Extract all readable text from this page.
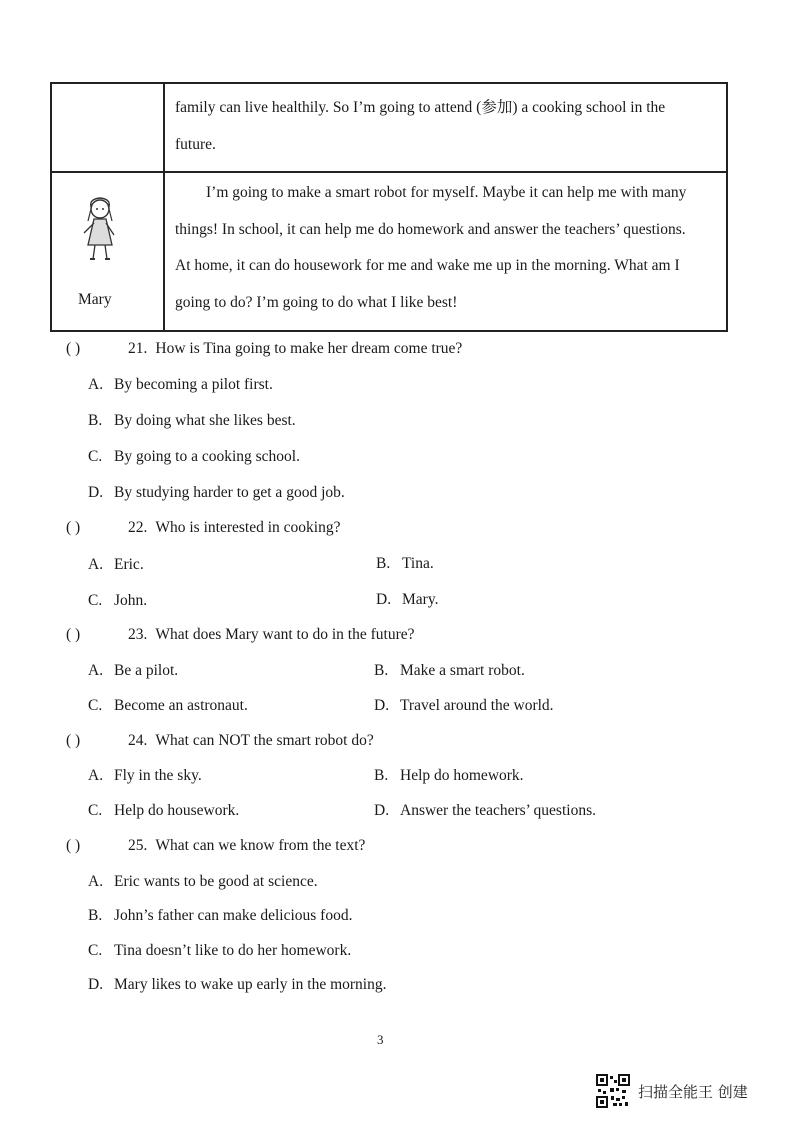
family can live healthily. So I’m going to attend (参加) a cooking school in the
future.
Mary
I’m going to make a smart robot for myself. Maybe it can help me with many
things! In school, it can help me do homework and answer the teachers’ questions.
At home, it can do housework for me and wake me up in the morning. What am I
going to do? I’m going to do what I like best!
( )	21. How is Tina going to make her dream come true?
A. By becoming a pilot first.
B. By doing what she likes best.
C. By going to a cooking school.
D. By studying harder to get a good job.
( )	22. Who is interested in cooking?
A. Eric.	B. Tina.
C. John.	D. Mary.
( )	23. What does Mary want to do in the future?
A. Be a pilot.	B. Make a smart robot.
C. Become an astronaut.	D. Travel around the world.
( )	24. What can NOT the smart robot do?
A. Fly in the sky.	B. Help do homework.
C. Help do housework.	D. Answer the teachers’ questions.
( )	25. What can we know from the text?
A. Eric wants to be good at science.
B. John’s father can make delicious food.
C. Tina doesn’t like to do her homework.
D. Mary likes to wake up early in the morning.
3
扫描全能王 创建
